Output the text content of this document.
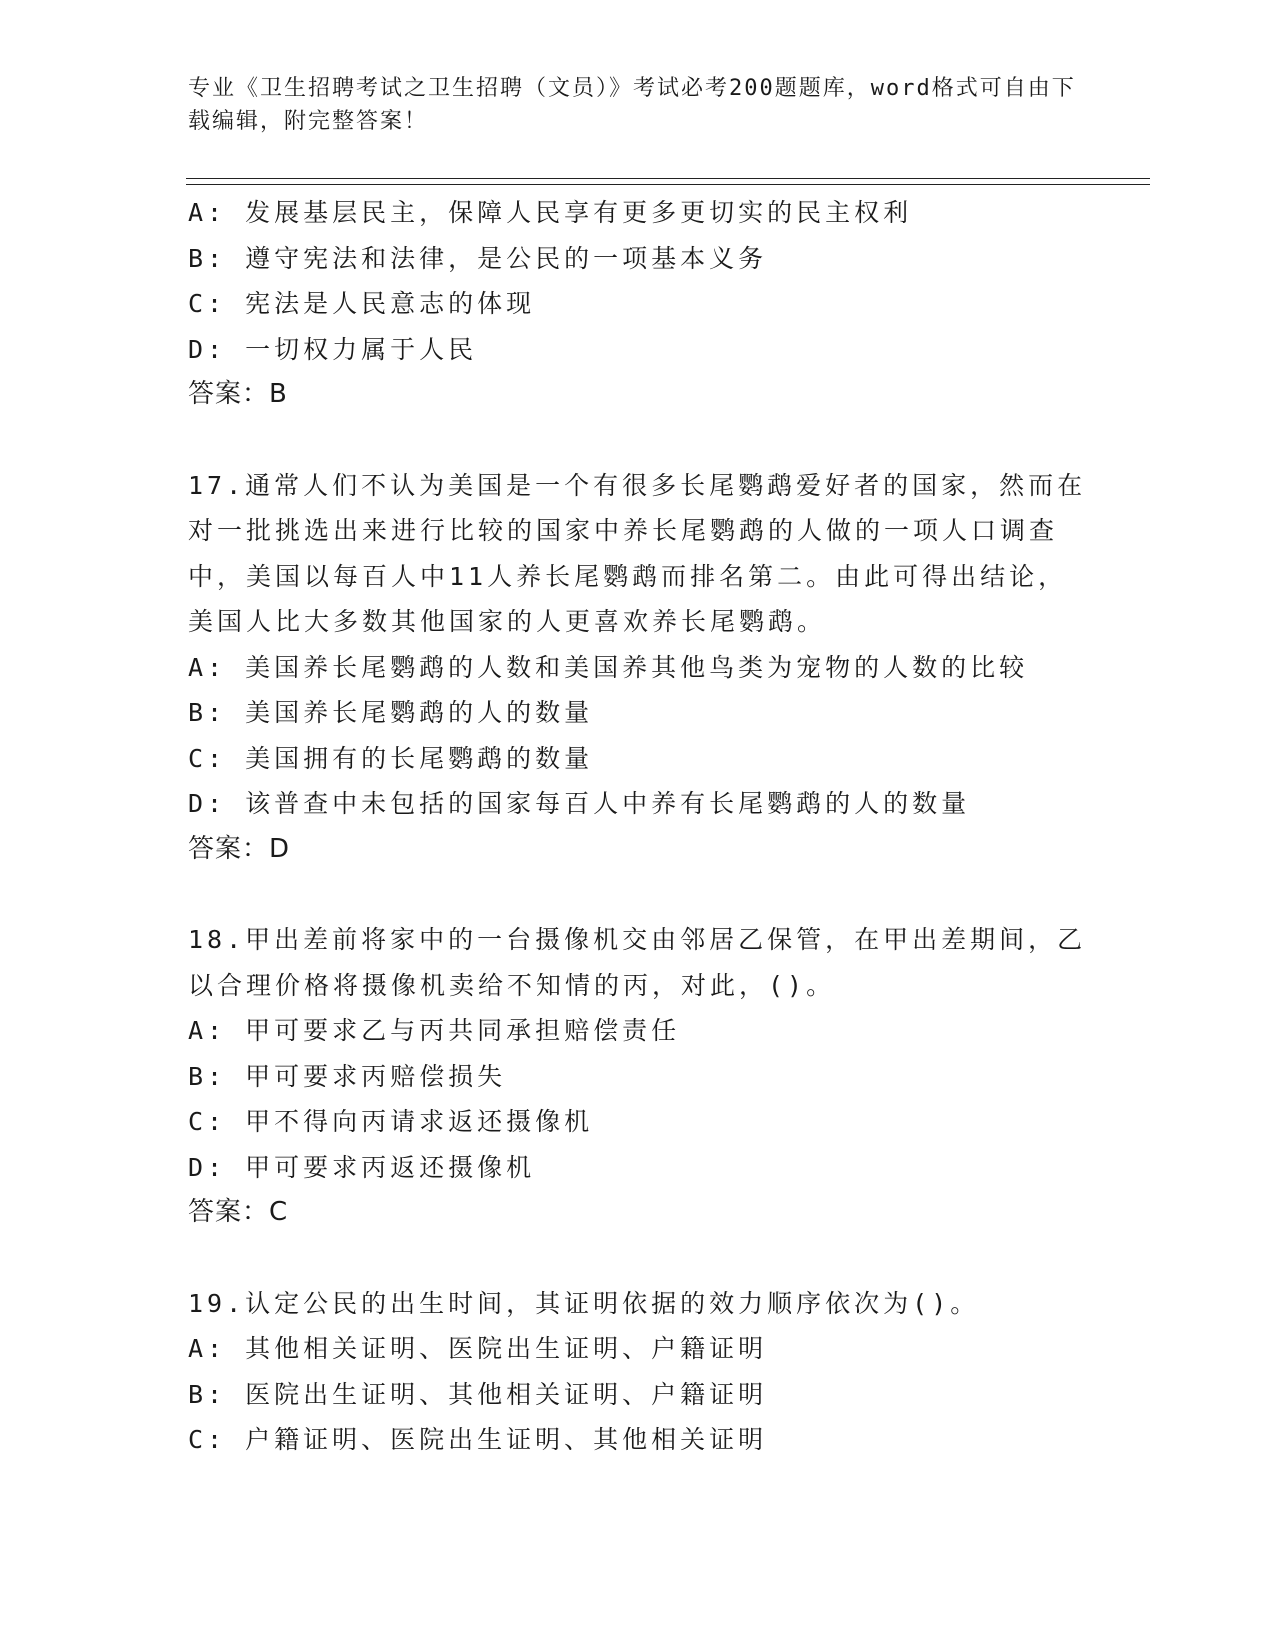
专业《卫生招聘考试之卫生招聘（文员）》考试必考200题题库，word格式可自由下载编辑，附完整答案！
A: 发展基层民主，保障人民享有更多更切实的民主权利
B: 遵守宪法和法律，是公民的一项基本义务
C: 宪法是人民意志的体现
D: 一切权力属于人民
答案：B
17.通常人们不认为美国是一个有很多长尾鹦鹉爱好者的国家，然而在
对一批挑选出来进行比较的国家中养长尾鹦鹉的人做的一项人口调查
中，美国以每百人中11人养长尾鹦鹉而排名第二。由此可得出结论，
美国人比大多数其他国家的人更喜欢养长尾鹦鹉。
A: 美国养长尾鹦鹉的人数和美国养其他鸟类为宠物的人数的比较
B: 美国养长尾鹦鹉的人的数量
C: 美国拥有的长尾鹦鹉的数量
D: 该普查中未包括的国家每百人中养有长尾鹦鹉的人的数量
答案：D
18.甲出差前将家中的一台摄像机交由邻居乙保管，在甲出差期间，乙
以合理价格将摄像机卖给不知情的丙，对此，()。
A: 甲可要求乙与丙共同承担赔偿责任
B: 甲可要求丙赔偿损失
C: 甲不得向丙请求返还摄像机
D: 甲可要求丙返还摄像机
答案：C
19.认定公民的出生时间，其证明依据的效力顺序依次为()。
A: 其他相关证明、医院出生证明、户籍证明
B: 医院出生证明、其他相关证明、户籍证明
C: 户籍证明、医院出生证明、其他相关证明
